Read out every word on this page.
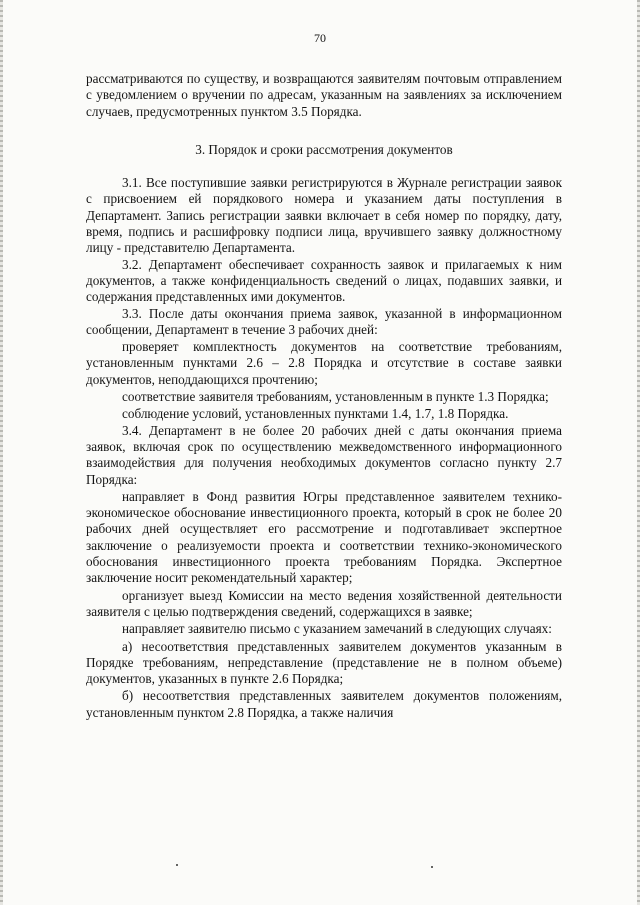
70

рассматриваются по существу, и возвращаются заявителям почтовым отправлением с уведомлением о вручении по адресам, указанным на заявлениях за исключением случаев, предусмотренных пунктом 3.5 Порядка.

3. Порядок и сроки рассмотрения документов

3.1. Все поступившие заявки регистрируются в Журнале регистрации заявок с присвоением ей порядкового номера и указанием даты поступления в Департамент. Запись регистрации заявки включает в себя номер по порядку, дату, время, подпись и расшифровку подписи лица, вручившего заявку должностному лицу - представителю Департамента.

3.2. Департамент обеспечивает сохранность заявок и прилагаемых к ним документов, а также конфиденциальность сведений о лицах, подавших заявки, и содержания представленных ими документов.

3.3. После даты окончания приема заявок, указанной в информационном сообщении, Департамент в течение 3 рабочих дней:

проверяет комплектность документов на соответствие требованиям, установленным пунктами 2.6 – 2.8 Порядка и отсутствие в составе заявки документов, неподдающихся прочтению;

соответствие заявителя требованиям, установленным в пункте 1.3 Порядка;

соблюдение условий, установленных пунктами 1.4, 1.7, 1.8 Порядка.

3.4. Департамент в не более 20 рабочих дней с даты окончания приема заявок, включая срок по осуществлению межведомственного информационного взаимодействия для получения необходимых документов согласно пункту 2.7 Порядка:

направляет в Фонд развития Югры представленное заявителем технико-экономическое обоснование инвестиционного проекта, который в срок не более 20 рабочих дней осуществляет его рассмотрение и подготавливает экспертное заключение о реализуемости проекта и соответствии технико-экономического обоснования инвестиционного проекта требованиям Порядка. Экспертное заключение носит рекомендательный характер;

организует выезд Комиссии на место ведения хозяйственной деятельности заявителя с целью подтверждения сведений, содержащихся в заявке;

направляет заявителю письмо с указанием замечаний в следующих случаях:

а) несоответствия представленных заявителем документов указанным в Порядке требованиям, непредставление (представление не в полном объеме) документов, указанных в пункте 2.6 Порядка;

б) несоответствия представленных заявителем документов положениям, установленным пунктом 2.8 Порядка, а также наличия
